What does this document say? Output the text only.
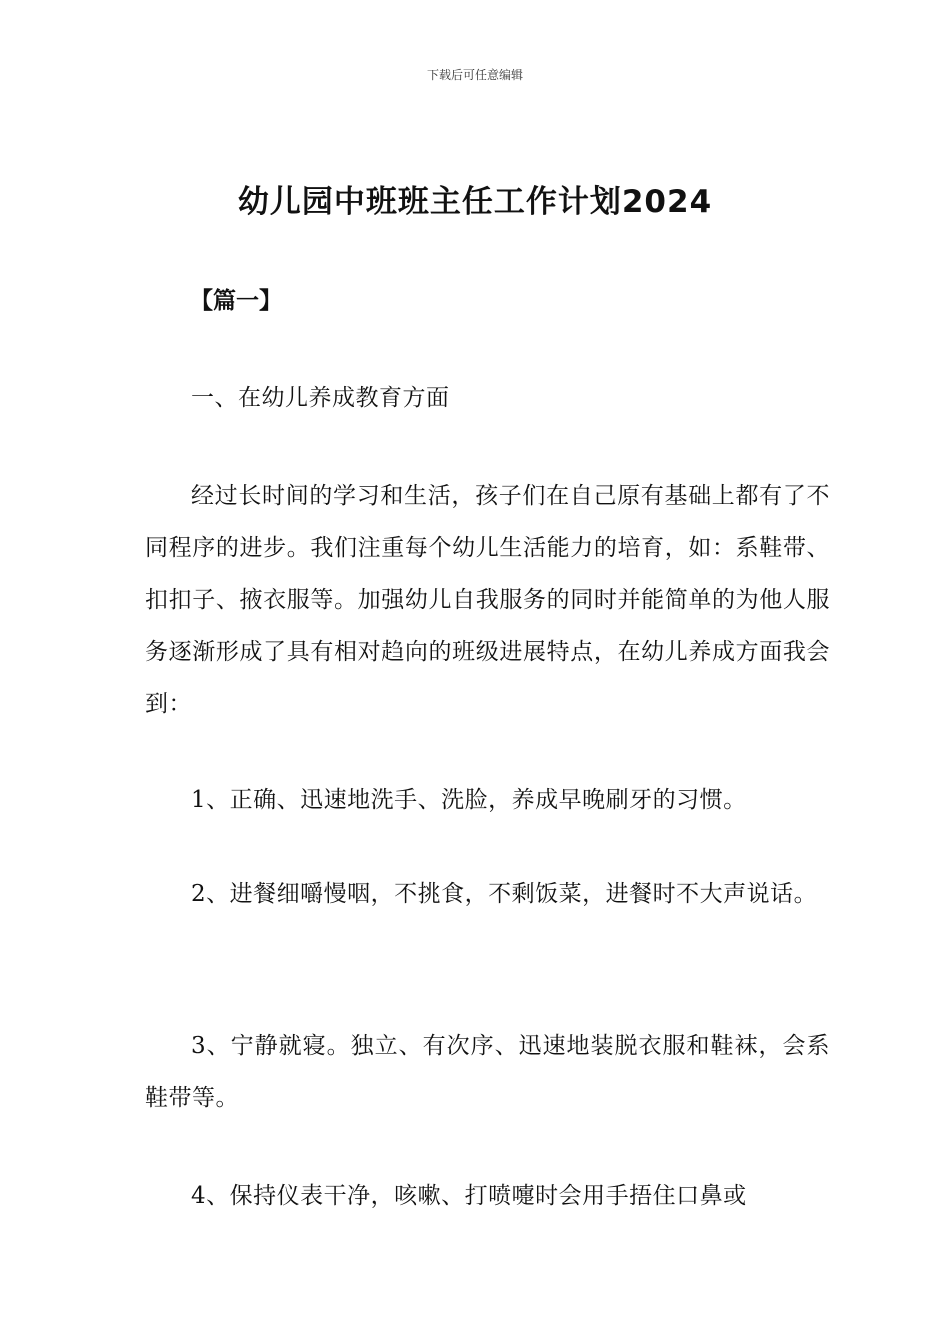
下载后可任意编辑
幼儿园中班班主任工作计划2024
【篇一】

一、在幼儿养成教育方面

经过长时间的学习和生活，孩子们在自己原有基础上都有了不同程序的进步。我们注重每个幼儿生活能力的培育，如：系鞋带、扣扣子、掖衣服等。加强幼儿自我服务的同时并能简单的为他人服务逐渐形成了具有相对趋向的班级进展特点，在幼儿养成方面我会到：

1、正确、迅速地洗手、洗脸，养成早晚刷牙的习惯。

2、进餐细嚼慢咽，不挑食，不剩饭菜，进餐时不大声说话。

3、宁静就寝。独立、有次序、迅速地装脱衣服和鞋袜，会系鞋带等。

4、保持仪表干净，咳嗽、打喷嚏时会用手捂住口鼻或
